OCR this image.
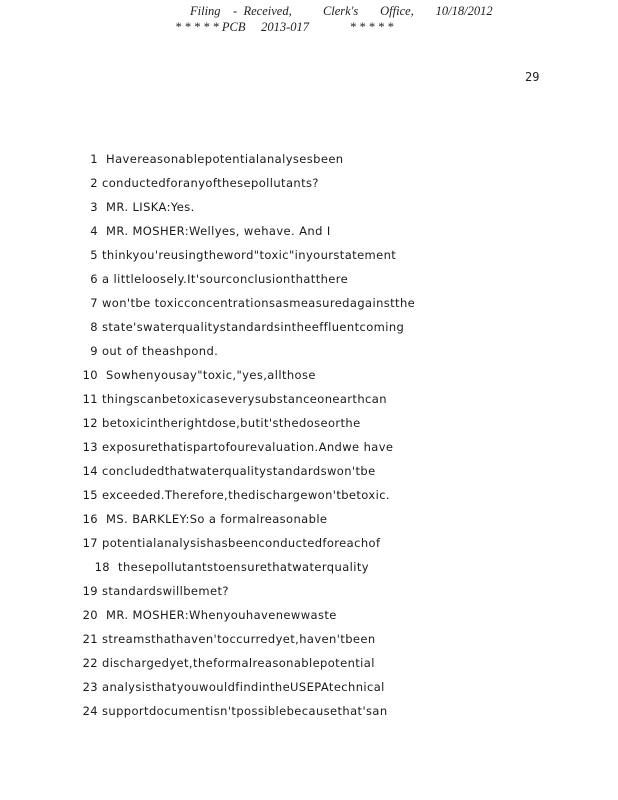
Filing    -  Received,          Clerk's       Office,       10/18/2012
* * * * * PCB     2013-017             * * * * *
29
1 Havereasonablepotentialanalysesbeen
2 conductedforanyofthesepollutants?
3 MR. LISKA:Yes.
4 MR. MOSHER:Wellyes, wehave. And I
5 thinkyou'reusingtheword"toxic"inyourstatement
6 a littleloosely.It'sourconclusionthatthere
7 won'tbe toxicconcentrationsasmeasuredagainstthe
8 state'swaterqualitystandardsintheeffluentcoming
9 out of theashpond.
10 Sowhenyousay"toxic,"yes,allthose
11 thingscanbetoxicaseverysubstanceonearthcan
12 betoxicintherightdose,butit'sthedoseorthe
13 exposurethatispartofourevaluation.Andwe have
14 concludedthatwaterqualitystandardswon'tbe
15 exceeded.Therefore,thedischargewon'tbetoxic.
16 MS. BARKLEY:So a formalreasonable
17 potentialanalysishasbeenconductedforeachof
18 thesepollutantstoensurethatwaterquality
19 standardswillbemet?
20 MR. MOSHER:Whenyouhavenewwaste
21 streamsthathaven'toccurredyet,haven'tbeen
22 dischargedyet,theformalreasonablepotential
23 analysisthatyouwouldfindintheUSEPAtechnical
24 supportdocumentisn'tpossiblebecausethat'san
